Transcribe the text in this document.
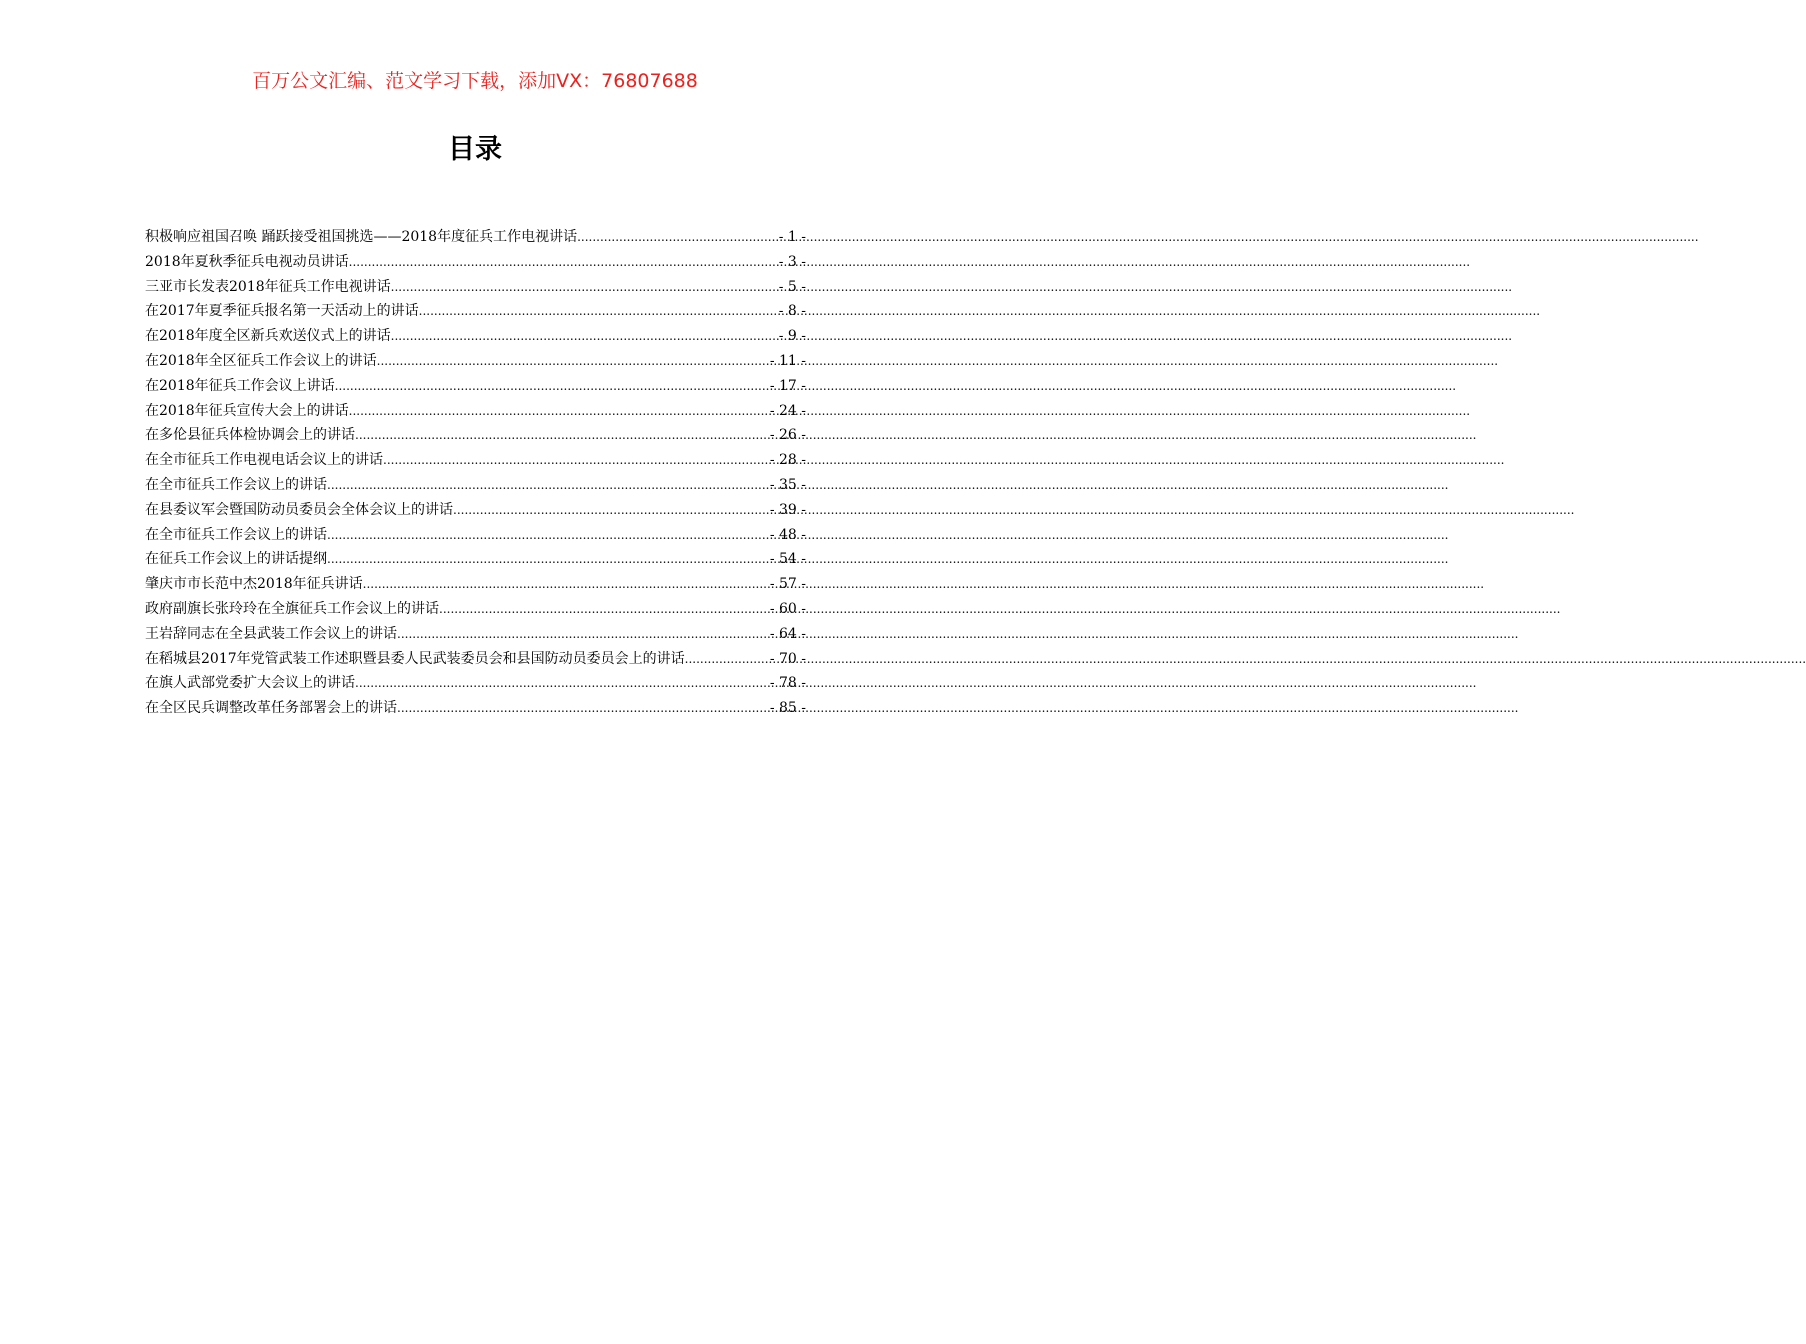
百万公文汇编、范文学习下载，添加VX：76807688
目录
积极响应祖国召唤 踊跃接受祖国挑选——2018年度征兵工作电视讲话 .....	- 1 -
2018年夏秋季征兵电视动员讲话 .....	- 3 -
三亚市长发表2018年征兵工作电视讲话 .....	- 5 -
在2017年夏季征兵报名第一天活动上的讲话 .....	- 8 -
在2018年度全区新兵欢送仪式上的讲话 .....	- 9 -
在2018年全区征兵工作会议上的讲话 .....	- 11 -
在2018年征兵工作会议上讲话 .....	- 17 -
在2018年征兵宣传大会上的讲话 .....	- 24 -
在多伦县征兵体检协调会上的讲话 .....	- 26 -
在全市征兵工作电视电话会议上的讲话 .....	- 28 -
在全市征兵工作会议上的讲话 .....	- 35 -
在县委议军会暨国防动员委员会全体会议上的讲话 .....	- 39 -
在全市征兵工作会议上的讲话 .....	- 48 -
在征兵工作会议上的讲话提纲 .....	- 54 -
肇庆市市长范中杰2018年征兵讲话 .....	- 57 -
政府副旗长张玲玲在全旗征兵工作会议上的讲话 .....	- 60 -
王岩辞同志在全县武装工作会议上的讲话 .....	- 64 -
在稻城县2017年党管武装工作述职暨县委人民武装委员会和县国防动员委员会上的讲话 .....	- 70 -
在旗人武部党委扩大会议上的讲话 .....	- 78 -
在全区民兵调整改革任务部署会上的讲话 .....	- 85 -
